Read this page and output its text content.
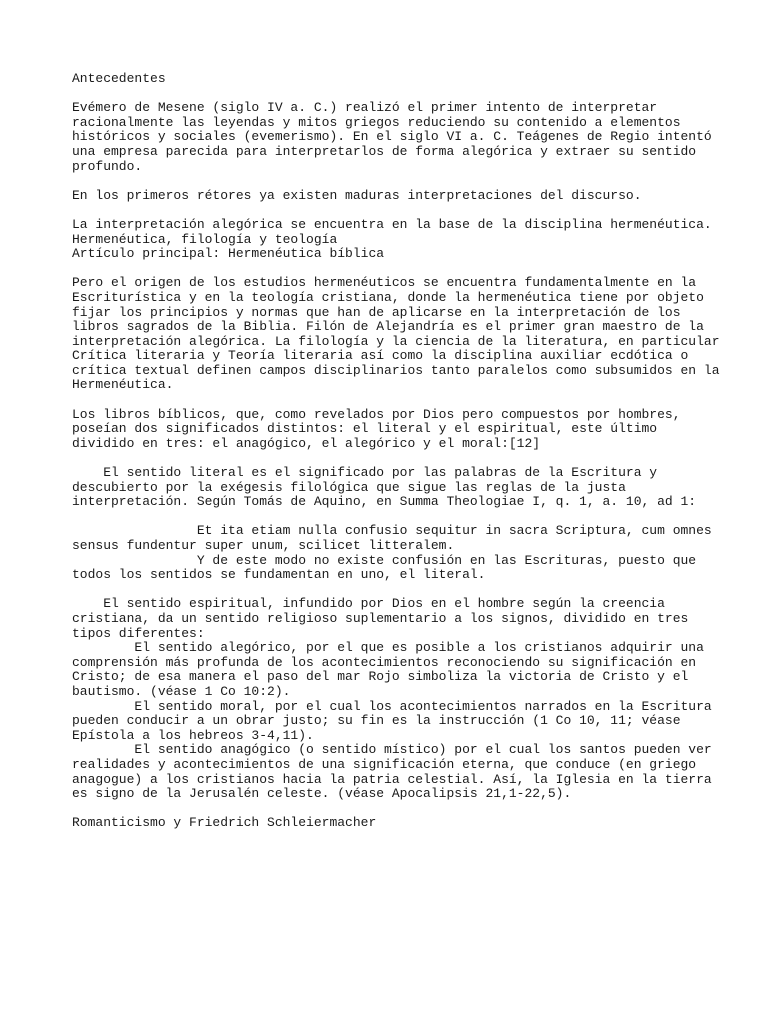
Antecedentes
Evémero de Mesene (siglo IV a. C.) realizó el primer intento de interpretar
racionalmente las leyendas y mitos griegos reduciendo su contenido a elementos
históricos y sociales (evemerismo). En el siglo VI a. C. Teágenes de Regio intentó
una empresa parecida para interpretarlos de forma alegórica y extraer su sentido
profundo.
En los primeros rétores ya existen maduras interpretaciones del discurso.
La interpretación alegórica se encuentra en la base de la disciplina hermenéutica.
Hermenéutica, filología y teología
Artículo principal: Hermenéutica bíblica
Pero el origen de los estudios hermenéuticos se encuentra fundamentalmente en la
Escriturística y en la teología cristiana, donde la hermenéutica tiene por objeto
fijar los principios y normas que han de aplicarse en la interpretación de los
libros sagrados de la Biblia. Filón de Alejandría es el primer gran maestro de la
interpretación alegórica. La filología y la ciencia de la literatura, en particular
Crítica literaria y Teoría literaria así como la disciplina auxiliar ecdótica o
crítica textual definen campos disciplinarios tanto paralelos como subsumidos en la
Hermenéutica.
Los libros bíblicos, que, como revelados por Dios pero compuestos por hombres,
poseían dos significados distintos: el literal y el espiritual, este último
dividido en tres: el anagógico, el alegórico y el moral:[12]
El sentido literal es el significado por las palabras de la Escritura y
descubierto por la exégesis filológica que sigue las reglas de la justa
interpretación. Según Tomás de Aquino, en Summa Theologiae I, q. 1, a. 10, ad 1:
Et ita etiam nulla confusio sequitur in sacra Scriptura, cum omnes
sensus fundentur super unum, scilicet litteralem.
Y de este modo no existe confusión en las Escrituras, puesto que
todos los sentidos se fundamentan en uno, el literal.
El sentido espiritual, infundido por Dios en el hombre según la creencia
cristiana, da un sentido religioso suplementario a los signos, dividido en tres
tipos diferentes:
El sentido alegórico, por el que es posible a los cristianos adquirir una
comprensión más profunda de los acontecimientos reconociendo su significación en
Cristo; de esa manera el paso del mar Rojo simboliza la victoria de Cristo y el
bautismo. (véase 1 Co 10:2).
El sentido moral, por el cual los acontecimientos narrados en la Escritura
pueden conducir a un obrar justo; su fin es la instrucción (1 Co 10, 11; véase
Epístola a los hebreos 3-4,11).
El sentido anagógico (o sentido místico) por el cual los santos pueden ver
realidades y acontecimientos de una significación eterna, que conduce (en griego
anagogue) a los cristianos hacia la patria celestial. Así, la Iglesia en la tierra
es signo de la Jerusalén celeste. (véase Apocalipsis 21,1-22,5).
Romanticismo y Friedrich Schleiermacher
